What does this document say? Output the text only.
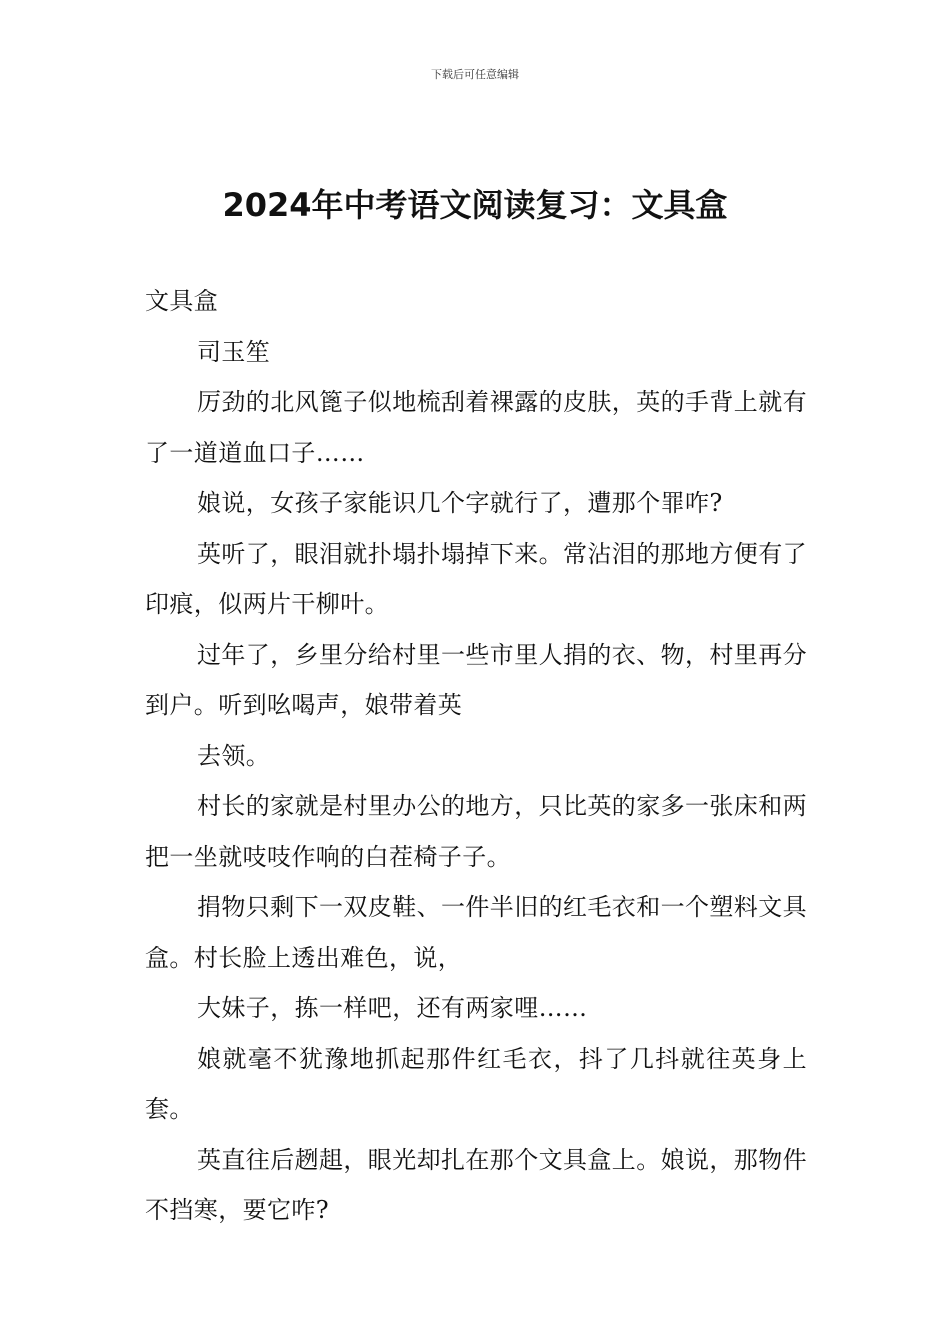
下载后可任意编辑
2024年中考语文阅读复习：文具盒

文具盒

司玉笙

厉劲的北风篦子似地梳刮着裸露的皮肤，英的手背上就有了一道道血口子……

娘说，女孩子家能识几个字就行了，遭那个罪咋?

英听了，眼泪就扑塌扑塌掉下来。常沾泪的那地方便有了印痕，似两片干柳叶。

过年了，乡里分给村里一些市里人捐的衣、物，村里再分到户。听到吆喝声，娘带着英

去领。

村长的家就是村里办公的地方，只比英的家多一张床和两把一坐就吱吱作响的白茬椅子子。

捐物只剩下一双皮鞋、一件半旧的红毛衣和一个塑料文具盒。村长脸上透出难色，说，

大妹子，拣一样吧，还有两家哩……

娘就毫不犹豫地抓起那件红毛衣，抖了几抖就往英身上套。

英直往后趔趄，眼光却扎在那个文具盒上。娘说，那物件不挡寒，要它咋?
